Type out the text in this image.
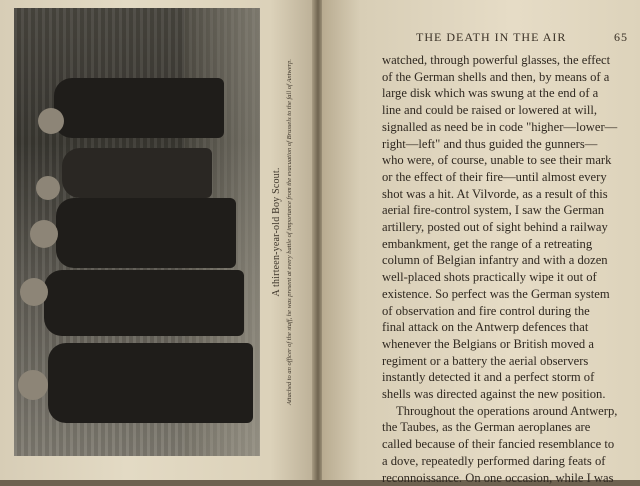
A thirteen-year-old Boy Scout. Attached to an officer of the staff, he was present at every battle of importance from the evacuation of Brussels to the fall of Antwerp.
THE DEATH IN THE AIR	65
watched, through powerful glasses, the effect
of the German shells and then, by means of a
large disk which was swung at the end of a
line and could be raised or lowered at will,
signalled as need be in code "higher—lower—
right—left" and thus guided the gunners—
who were, of course, unable to see their mark
or the effect of their fire—until almost every
shot was a hit. At Vilvorde, as a result of this
aerial fire-control system, I saw the German
artillery, posted out of sight behind a railway
embankment, get the range of a retreating
column of Belgian infantry and with a dozen
well-placed shots practically wipe it out of
existence. So perfect was the German system
of observation and fire control during the
final attack on the Antwerp defences that
whenever the Belgians or British moved a
regiment or a battery the aerial observers
instantly detected it and a perfect storm of
shells was directed against the new position.
Throughout the operations around Antwerp,
the Taubes, as the German aeroplanes are
called because of their fancied resemblance to
a dove, repeatedly performed daring feats of
reconnoissance. On one occasion, while I was
